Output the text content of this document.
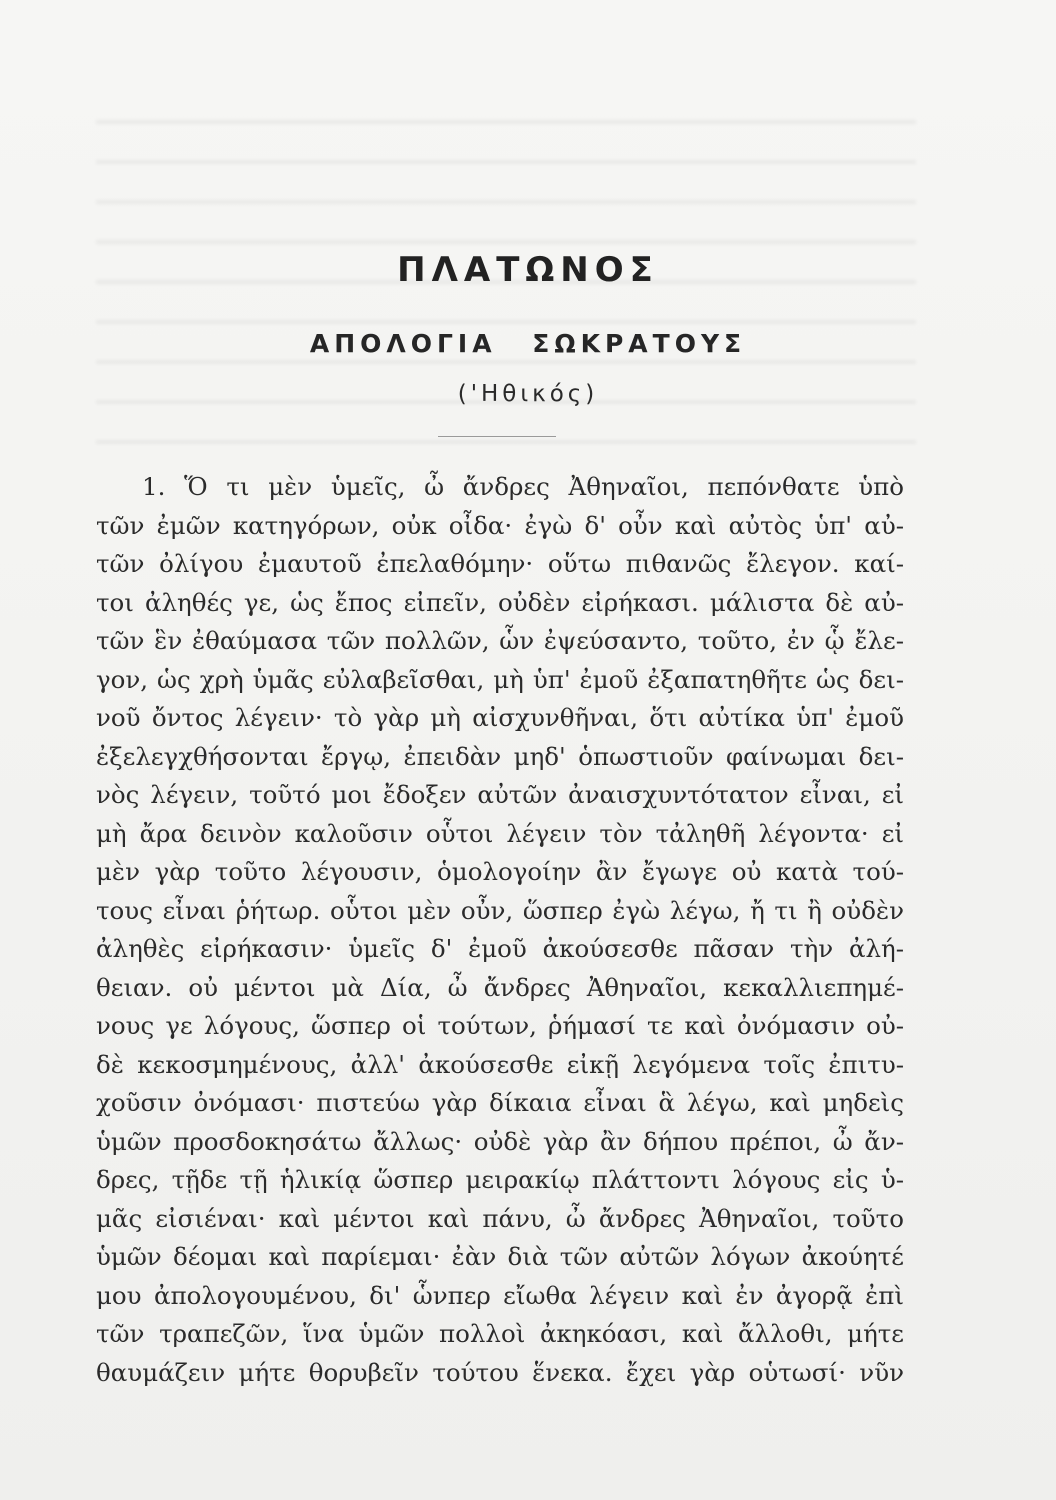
ΠΛΑΤΩΝΟΣ
ΑΠΟΛΟΓΙΑ ΣΩΚΡΑΤΟΥΣ
('Ηθικός)
1. Ὅ τι μὲν ὑμεῖς, ὦ ἄνδρες Ἀθηναῖοι, πεπόνθατε ὑπὸ
τῶν ἐμῶν κατηγόρων, οὐκ οἶδα· ἐγὼ δ' οὖν καὶ αὐτὸς ὑπ' αὐ-
τῶν ὀλίγου ἐμαυτοῦ ἐπελαθόμην· οὕτω πιθανῶς ἔλεγον. καί-
τοι ἀληθές γε, ὡς ἔπος εἰπεῖν, οὐδὲν εἰρήκασι. μάλιστα δὲ αὐ-
τῶν ἓν ἐθαύμασα τῶν πολλῶν, ὧν ἐψεύσαντο, τοῦτο, ἐν ᾧ ἔλε-
γον, ὡς χρὴ ὑμᾶς εὐλαβεῖσθαι, μὴ ὑπ' ἐμοῦ ἐξαπατηθῆτε ὡς δει-
νοῦ ὄντος λέγειν· τὸ γὰρ μὴ αἰσχυνθῆναι, ὅτι αὐτίκα ὑπ' ἐμοῦ
ἐξελεγχθήσονται ἔργῳ, ἐπειδὰν μηδ' ὁπωστιοῦν φαίνωμαι δει-
νὸς λέγειν, τοῦτό μοι ἔδοξεν αὐτῶν ἀναισχυντότατον εἶναι, εἰ
μὴ ἄρα δεινὸν καλοῦσιν οὗτοι λέγειν τὸν τἀληθῆ λέγοντα· εἰ
μὲν γὰρ τοῦτο λέγουσιν, ὁμολογοίην ἂν ἔγωγε οὐ κατὰ τού-
τους εἶναι ῥήτωρ. οὗτοι μὲν οὖν, ὥσπερ ἐγὼ λέγω, ἤ τι ἢ οὐδὲν
ἀληθὲς εἰρήκασιν· ὑμεῖς δ' ἐμοῦ ἀκούσεσθε πᾶσαν τὴν ἀλή-
θειαν. οὐ μέντοι μὰ Δία, ὦ ἄνδρες Ἀθηναῖοι, κεκαλλιεπημέ-
νους γε λόγους, ὥσπερ οἱ τούτων, ῥήμασί τε καὶ ὀνόμασιν οὐ-
δὲ κεκοσμημένους, ἀλλ' ἀκούσεσθε εἰκῇ λεγόμενα τοῖς ἐπιτυ-
χοῦσιν ὀνόμασι· πιστεύω γὰρ δίκαια εἶναι ἃ λέγω, καὶ μηδεὶς
ὑμῶν προσδοκησάτω ἄλλως· οὐδὲ γὰρ ἂν δήπου πρέποι, ὦ ἄν-
δρες, τῇδε τῇ ἡλικίᾳ ὥσπερ μειρακίῳ πλάττοντι λόγους εἰς ὑ-
μᾶς εἰσιέναι· καὶ μέντοι καὶ πάνυ, ὦ ἄνδρες Ἀθηναῖοι, τοῦτο
ὑμῶν δέομαι καὶ παρίεμαι· ἐὰν διὰ τῶν αὐτῶν λόγων ἀκούητέ
μου ἀπολογουμένου, δι' ὧνπερ εἴωθα λέγειν καὶ ἐν ἀγορᾷ ἐπὶ
τῶν τραπεζῶν, ἵνα ὑμῶν πολλοὶ ἀκηκόασι, καὶ ἄλλοθι, μήτε
θαυμάζειν μήτε θορυβεῖν τούτου ἕνεκα. ἔχει γὰρ οὑτωσί· νῦν
